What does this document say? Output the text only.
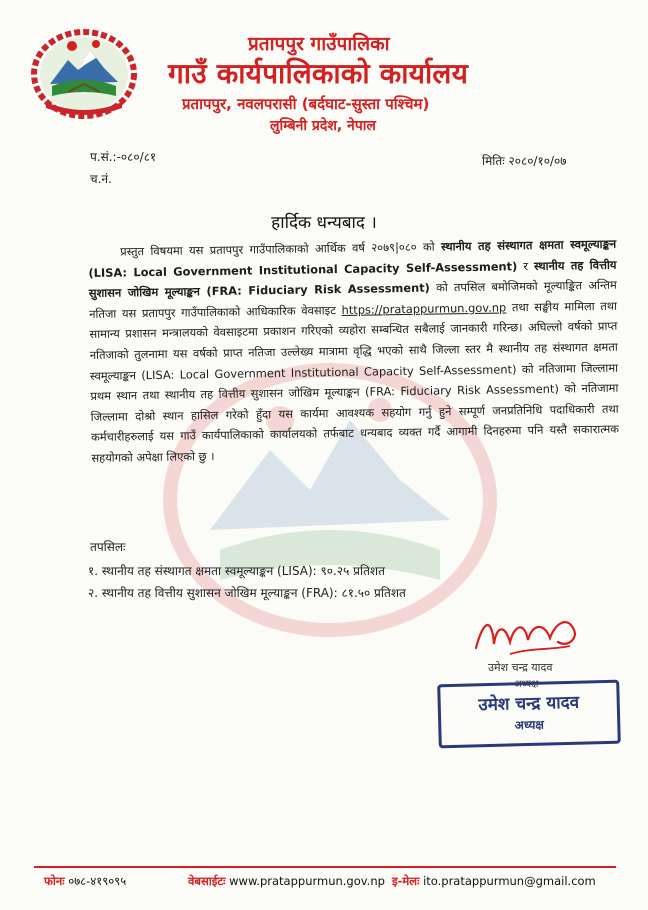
प्रतापपुर गाउँपालिका
गाउँ कार्यपालिकाको कार्यालय
प्रतापपुर, नवलपरासी (बर्दघाट-सुस्ता पश्चिम)
लुम्बिनी प्रदेश, नेपाल
प.सं.:-०८०/८१
च.नं.
मितिः २०८०/१०/०७
हार्दिक धन्यबाद ।

प्रस्तुत विषयमा यस प्रतापपुर गाउँपालिकाको आर्थिक वर्ष २०७९|०८० को स्थानीय तह संस्थागत क्षमता स्वमूल्याङ्कन (LISA: Local Government Institutional Capacity Self-Assessment) र स्थानीय तह वित्तीय सुशासन जोखिम मूल्याङ्कन (FRA: Fiduciary Risk Assessment) को तपसिल बमोजिमको मूल्याङ्कित अन्तिम नतिजा यस प्रतापपुर गाउँपालिकाको आधिकारिक वेवसाइट https://pratappurmun.gov.np तथा सङ्घीय मामिला तथा सामान्य प्रशासन मन्त्रालयको वेवसाइटमा प्रकाशन गरिएको व्यहोरा सम्बन्धित सबैलाई जानकारी गरिन्छ। अघिल्लो वर्षको प्राप्त नतिजाको तुलनामा यस वर्षको प्राप्त नतिजा उल्लेख्य मात्रामा वृद्धि भएको साथै जिल्ला स्तर मै स्थानीय तह संस्थागत क्षमता स्वमूल्याङ्कन (LISA: Local Government Institutional Capacity Self-Assessment) को नतिजामा जिल्लामा प्रथम स्थान तथा स्थानीय तह वित्तीय सुशासन जोखिम मूल्याङ्कन (FRA: Fiduciary Risk Assessment) को नतिजामा जिल्लामा दोश्रो स्थान हासिल गरेको हुँदा यस कार्यमा आवश्यक सहयोग गर्नु हुने सम्पूर्ण जनप्रतिनिधि पदाधिकारी तथा कर्मचारीहरुलाई यस गाउँ कार्यपालिकाको कार्यालयको तर्फबाट धन्यबाद व्यक्त गर्दै आगामी दिनहरुमा पनि यस्तै सकारात्मक सहयोगको अपेक्षा लिएको छु ।

तपसिलः
१. स्थानीय तह संस्थागत क्षमता स्वमूल्याङ्कन (LISA): ९०.२५ प्रतिशत
२. स्थानीय तह वित्तीय सुशासन जोखिम मूल्याङ्कन (FRA): ८१.५० प्रतिशत
उमेश चन्द्र यादव
अध्यक्ष
उमेश चन्द्र यादव
अध्यक्ष
फोनः ०७८-४१९०९५	वेबसाईटः www.pratappurmun.gov.np इ-मेलः ito.pratappurmun@gmail.com
